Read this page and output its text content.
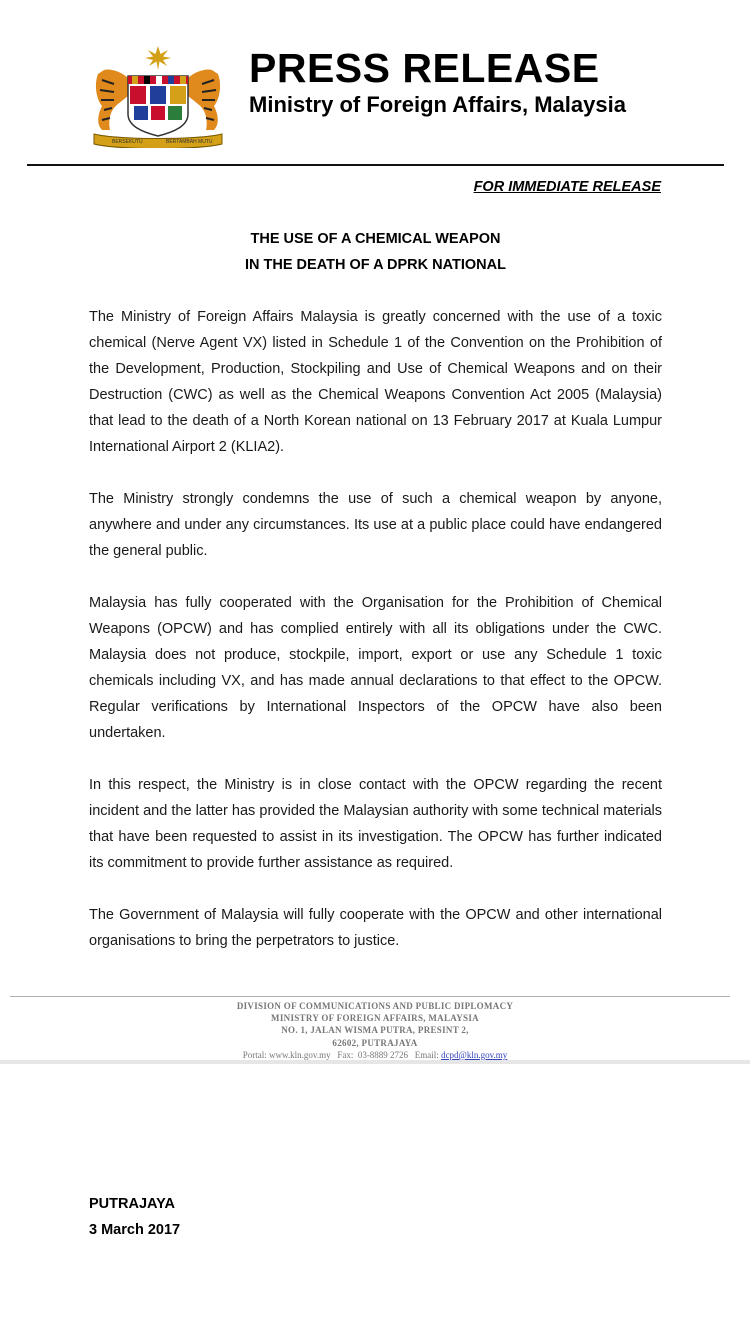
BERSEKUTU	BERTAMBAH MUTU
PRESS RELEASE
Ministry of Foreign Affairs, Malaysia
FOR IMMEDIATE RELEASE
THE USE OF A CHEMICAL WEAPON
IN THE DEATH OF A DPRK NATIONAL

The Ministry of Foreign Affairs Malaysia is greatly concerned with the use of a toxic chemical (Nerve Agent VX) listed in Schedule 1 of the Convention on the Prohibition of the Development, Production, Stockpiling and Use of Chemical Weapons and on their Destruction (CWC) as well as the Chemical Weapons Convention Act 2005 (Malaysia) that lead to the death of a North Korean national on 13 February 2017 at Kuala Lumpur International Airport 2 (KLIA2).

The Ministry strongly condemns the use of such a chemical weapon by anyone, anywhere and under any circumstances. Its use at a public place could have endangered the general public.

Malaysia has fully cooperated with the Organisation for the Prohibition of Chemical Weapons (OPCW) and has complied entirely with all its obligations under the CWC. Malaysia does not produce, stockpile, import, export or use any Schedule 1 toxic chemicals including VX, and has made annual declarations to that effect to the OPCW. Regular verifications by International Inspectors of the OPCW have also been undertaken.

In this respect, the Ministry is in close contact with the OPCW regarding the recent incident and the latter has provided the Malaysian authority with some technical materials that have been requested to assist in its investigation. The OPCW has further indicated its commitment to provide further assistance as required.

The Government of Malaysia will fully cooperate with the OPCW and other international organisations to bring the perpetrators to justice.

DIVISION OF COMMUNICATIONS AND PUBLIC DIPLOMACY
MINISTRY OF FOREIGN AFFAIRS, MALAYSIA
NO. 1, JALAN WISMA PUTRA, PRESINT 2,
62602, PUTRAJAYA
Portal: www.kln.gov.my   Fax:  03-8889 2726   Email: dcpd@kln.gov.my
PUTRAJAYA
3 March 2017
